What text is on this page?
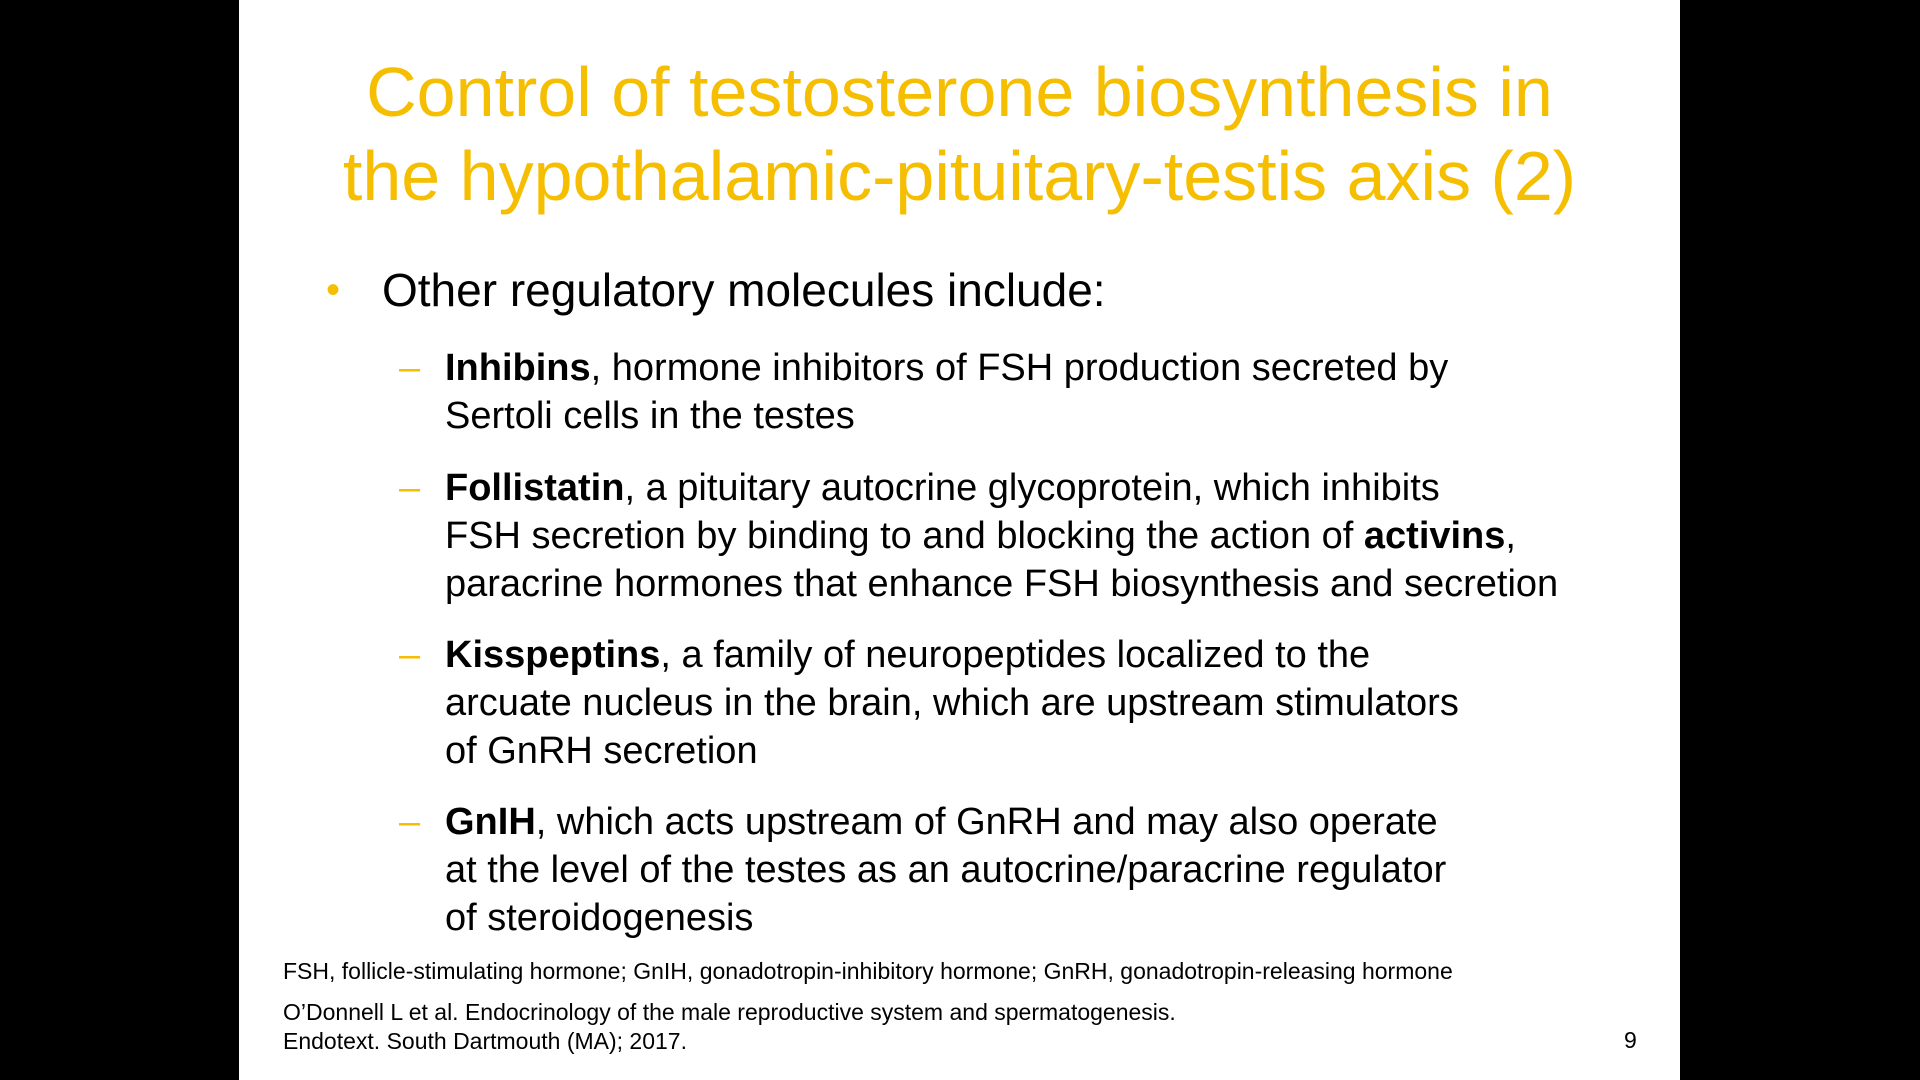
Control of testosterone biosynthesis in
the hypothalamic-pituitary-testis axis (2)
• Other regulatory molecules include:
– Inhibins, hormone inhibitors of FSH production secreted by
Sertoli cells in the testes
– Follistatin, a pituitary autocrine glycoprotein, which inhibits
FSH secretion by binding to and blocking the action of activins,
paracrine hormones that enhance FSH biosynthesis and secretion
– Kisspeptins, a family of neuropeptides localized to the
arcuate nucleus in the brain, which are upstream stimulators
of GnRH secretion
– GnIH, which acts upstream of GnRH and may also operate
at the level of the testes as an autocrine/paracrine regulator
of steroidogenesis
FSH, follicle-stimulating hormone; GnIH, gonadotropin-inhibitory hormone; GnRH, gonadotropin-releasing hormone
O’Donnell L et al. Endocrinology of the male reproductive system and spermatogenesis.
Endotext. South Dartmouth (MA); 2017.	9
